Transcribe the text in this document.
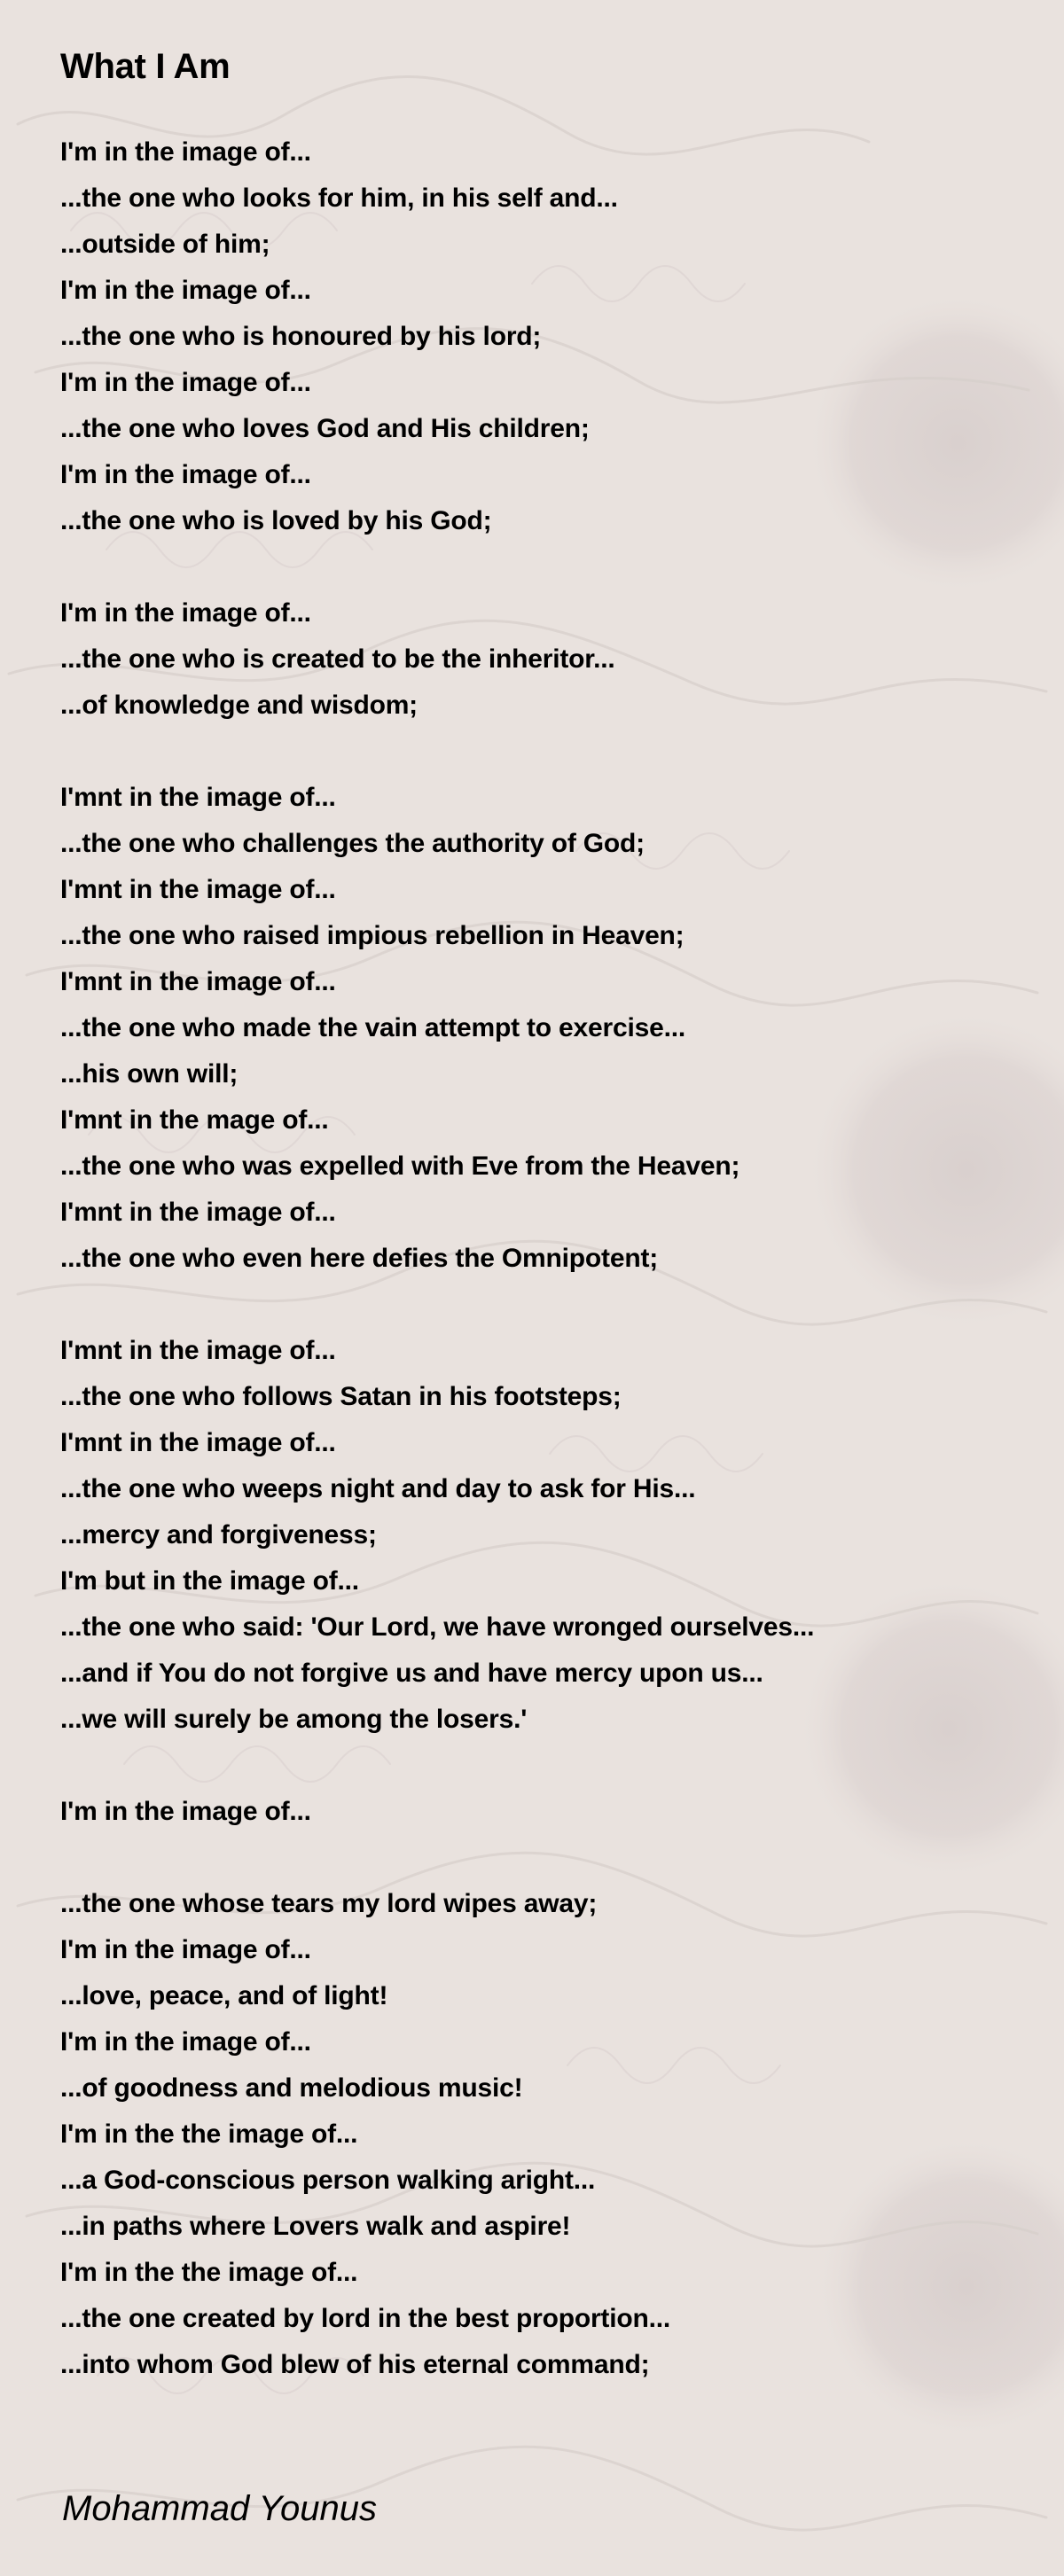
What I Am
I'm in the image of...
...the one who looks for him, in his self and...
...outside of him;
I'm in the image of...
...the one who is honoured by his lord;
I'm in the image of...
...the one who loves God and His children;
I'm in the image of...
...the one who is loved by his God;
I'm in the image of...
...the one who is created to be the inheritor...
...of knowledge and wisdom;
I'mnt in the image of...
...the one who challenges the authority of God;
I'mnt in the image of...
...the one who raised impious rebellion in Heaven;
I'mnt in the image of...
...the one who made the vain attempt to exercise...
...his own will;
I'mnt in the mage of...
...the one who was expelled with Eve from the Heaven;
I'mnt in the image of...
...the one who even here defies the Omnipotent;
I'mnt in the image of...
...the one who follows Satan in his footsteps;
I'mnt in the image of...
...the one who weeps night and day to ask for His...
...mercy and forgiveness;
I'm but in the image of...
...the one who said: 'Our Lord, we have wronged ourselves...
...and if You do not forgive us and have mercy upon us...
...we will surely be among the losers.'
I'm in the image of...
...the one whose tears my lord wipes away;
I'm in the image of...
...love, peace, and of light!
I'm in the image of...
...of goodness and melodious music!
I'm in the the image of...
...a God-conscious person walking aright...
...in paths where Lovers walk and aspire!
I'm in the the image of...
...the one created by lord in the best proportion...
...into whom God blew of his eternal command;
Mohammad Younus
